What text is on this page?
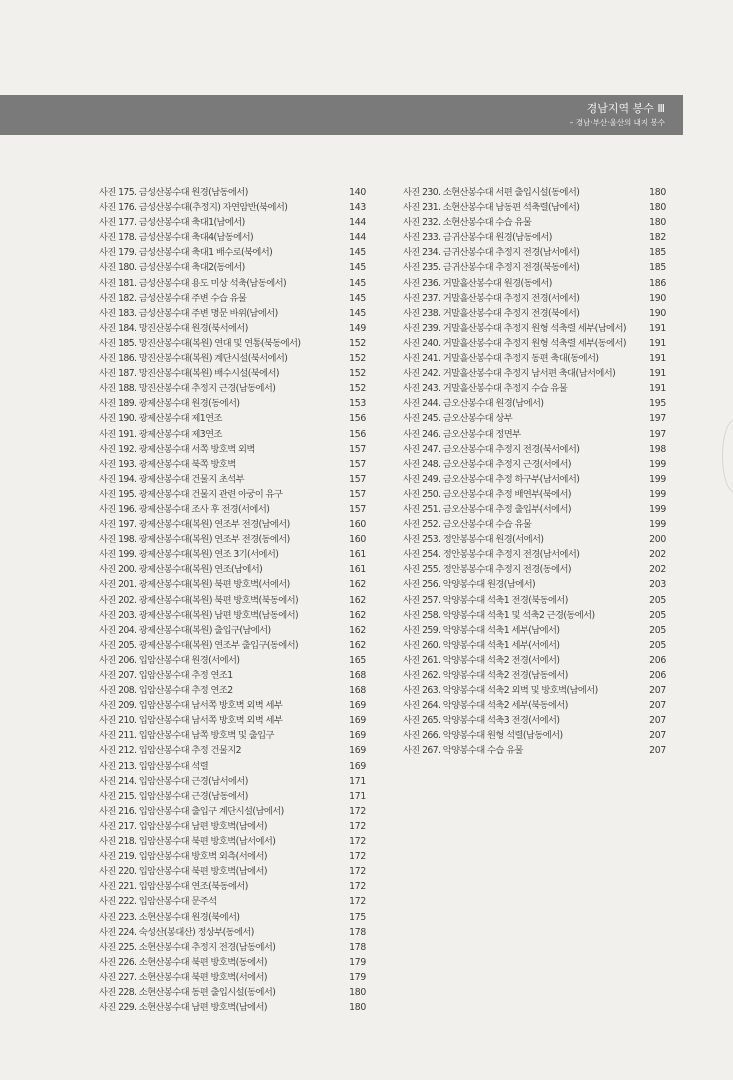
경남지역 봉수 Ⅲ
– 경남·부산·울산의 내지 봉수
사진 175. 금성산봉수대 원경(남동에서)	140
사진 176. 금성산봉수대(추정지) 자연암반(북에서)	143
사진 177. 금성산봉수대 축대1(남에서)	144
사진 178. 금성산봉수대 축대4(남동에서)	144
사진 179. 금성산봉수대 축대1 배수로(북에서)	145
사진 180. 금성산봉수대 축대2(동에서)	145
사진 181. 금성산봉수대 용도 미상 석축(남동에서)	145
사진 182. 금성산봉수대 주변 수습 유물	145
사진 183. 금성산봉수대 주변 명문 바위(남에서)	145
사진 184. 망진산봉수대 원경(북서에서)	149
사진 185. 망진산봉수대(복원) 연대 및 연통(북동에서)	152
사진 186. 망진산봉수대(복원) 계단시설(북서에서)	152
사진 187. 망진산봉수대(복원) 배수시설(북에서)	152
사진 188. 망진산봉수대 추정지 근경(남동에서)	152
사진 189. 광제산봉수대 원경(동에서)	153
사진 190. 광제산봉수대 제1연조	156
사진 191. 광제산봉수대 제3연조	156
사진 192. 광제산봉수대 서쪽 방호벽 외벽	157
사진 193. 광제산봉수대 북쪽 방호벽	157
사진 194. 광제산봉수대 건물지 초석부	157
사진 195. 광제산봉수대 건물지 관련 아궁이 유구	157
사진 196. 광제산봉수대 조사 후 전경(서에서)	157
사진 197. 광제산봉수대(복원) 연조부 전경(남에서)	160
사진 198. 광제산봉수대(복원) 연조부 전경(동에서)	160
사진 199. 광제산봉수대(복원) 연조 3기(서에서)	161
사진 200. 광제산봉수대(복원) 연조(남에서)	161
사진 201. 광제산봉수대(복원) 북편 방호벽(서에서)	162
사진 202. 광제산봉수대(복원) 북편 방호벽(북동에서)	162
사진 203. 광제산봉수대(복원) 남편 방호벽(남동에서)	162
사진 204. 광제산봉수대(복원) 출입구(남에서)	162
사진 205. 광제산봉수대(복원) 연조부 출입구(동에서)	162
사진 206. 입암산봉수대 원경(서에서)	165
사진 207. 입암산봉수대 추정 연조1	168
사진 208. 입암산봉수대 추정 연조2	168
사진 209. 입암산봉수대 남서쪽 방호벽 외벽 세부	169
사진 210. 입암산봉수대 남서쪽 방호벽 외벽 세부	169
사진 211. 입암산봉수대 남쪽 방호벽 및 출입구	169
사진 212. 입암산봉수대 추정 건물지2	169
사진 213. 입암산봉수대 석렬	169
사진 214. 입암산봉수대 근경(남서에서)	171
사진 215. 입암산봉수대 근경(남동에서)	171
사진 216. 입암산봉수대 출입구 계단시설(남에서)	172
사진 217. 입암산봉수대 남편 방호벽(남에서)	172
사진 218. 입암산봉수대 북편 방호벽(남서에서)	172
사진 219. 입암산봉수대 방호벽 외측(서에서)	172
사진 220. 입암산봉수대 북편 방호벽(남에서)	172
사진 221. 입암산봉수대 연조(북동에서)	172
사진 222. 입암산봉수대 문주석	172
사진 223. 소현산봉수대 원경(북에서)	175
사진 224. 숙성산(봉대산) 정상부(동에서)	178
사진 225. 소현산봉수대 추정지 전경(남동에서)	178
사진 226. 소현산봉수대 북편 방호벽(동에서)	179
사진 227. 소현산봉수대 북편 방호벽(서에서)	179
사진 228. 소현산봉수대 동편 출입시설(동에서)	180
사진 229. 소현산봉수대 남편 방호벽(남에서)	180
사진 230. 소현산봉수대 서편 출입시설(동에서)	180
사진 231. 소현산봉수대 남동편 석축렬(남에서)	180
사진 232. 소현산봉수대 수습 유물	180
사진 233. 금귀산봉수대 원경(남동에서)	182
사진 234. 금귀산봉수대 추정지 전경(남서에서)	185
사진 235. 금귀산봉수대 추정지 전경(북동에서)	185
사진 236. 거말흘산봉수대 원경(동에서)	186
사진 237. 거말흘산봉수대 추정지 전경(서에서)	190
사진 238. 거말흘산봉수대 추정지 전경(북에서)	190
사진 239. 거말흘산봉수대 추정지 원형 석축렬 세부(남에서)	191
사진 240. 거말흘산봉수대 추정지 원형 석축렬 세부(동에서)	191
사진 241. 거말흘산봉수대 추정지 동편 축대(동에서)	191
사진 242. 거말흘산봉수대 추정지 남서편 축대(남서에서)	191
사진 243. 거말흘산봉수대 추정지 수습 유물	191
사진 244. 금오산봉수대 원경(남에서)	195
사진 245. 금오산봉수대 상부	197
사진 246. 금오산봉수대 정면부	197
사진 247. 금오산봉수대 추정지 전경(북서에서)	198
사진 248. 금오산봉수대 추정지 근경(서에서)	199
사진 249. 금오산봉수대 추정 하구부(남서에서)	199
사진 250. 금오산봉수대 추정 배연부(북에서)	199
사진 251. 금오산봉수대 추정 출입부(서에서)	199
사진 252. 금오산봉수대 수습 유물	199
사진 253. 정안봉봉수대 원경(서에서)	200
사진 254. 정안봉봉수대 추정지 전경(남서에서)	202
사진 255. 정안봉봉수대 추정지 전경(동에서)	202
사진 256. 악양봉수대 원경(남에서)	203
사진 257. 악양봉수대 석축1 전경(북동에서)	205
사진 258. 악양봉수대 석축1 및 석축2 근경(동에서)	205
사진 259. 악양봉수대 석축1 세부(남에서)	205
사진 260. 악양봉수대 석축1 세부(서에서)	205
사진 261. 악양봉수대 석축2 전경(서에서)	206
사진 262. 악양봉수대 석축2 전경(남동에서)	206
사진 263. 악양봉수대 석축2 외벽 및 방호벽(남에서)	207
사진 264. 악양봉수대 석축2 세부(북동에서)	207
사진 265. 악양봉수대 석축3 전경(서에서)	207
사진 266. 악양봉수대 원형 석렬(남동에서)	207
사진 267. 악양봉수대 수습 유물	207
